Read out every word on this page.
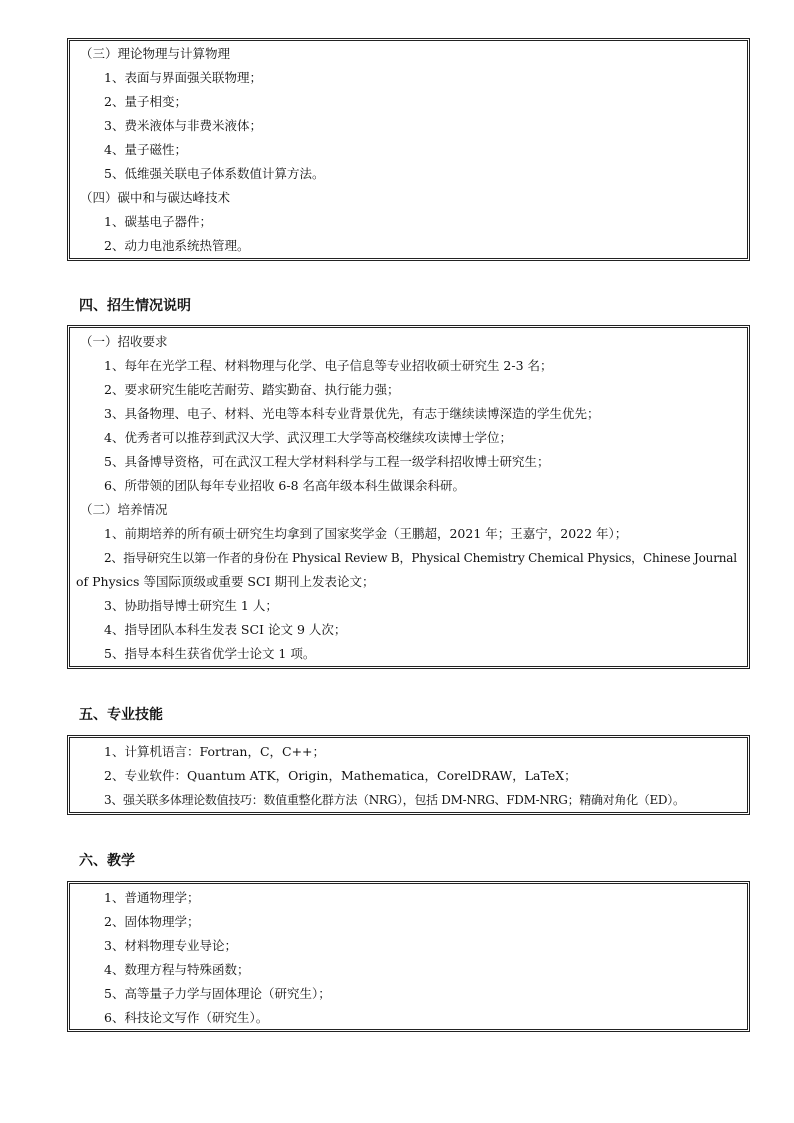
（三）理论物理与计算物理
1、表面与界面强关联物理；
2、量子相变；
3、费米液体与非费米液体；
4、量子磁性；
5、低维强关联电子体系数值计算方法。
（四）碳中和与碳达峰技术
1、碳基电子器件；
2、动力电池系统热管理。
四、招生情况说明
（一）招收要求
1、每年在光学工程、材料物理与化学、电子信息等专业招收硕士研究生 2-3 名；
2、要求研究生能吃苦耐劳、踏实勤奋、执行能力强；
3、具备物理、电子、材料、光电等本科专业背景优先，有志于继续读博深造的学生优先；
4、优秀者可以推荐到武汉大学、武汉理工大学等高校继续攻读博士学位；
5、具备博导资格，可在武汉工程大学材料科学与工程一级学科招收博士研究生；
6、所带领的团队每年专业招收 6-8 名高年级本科生做课余科研。
（二）培养情况
1、前期培养的所有硕士研究生均拿到了国家奖学金（王鹏超，2021 年；王嘉宁，2022 年）；
2、指导研究生以第一作者的身份在 Physical Review B，Physical Chemistry Chemical Physics，Chinese Journal
of Physics 等国际顶级或重要 SCI 期刊上发表论文；
3、协助指导博士研究生 1 人；
4、指导团队本科生发表 SCI 论文 9 人次；
5、指导本科生获省优学士论文 1 项。
五、专业技能
1、计算机语言：Fortran，C，C++；
2、专业软件：Quantum ATK，Origin，Mathematica，CorelDRAW，LaTeX；
3、强关联多体理论数值技巧：数值重整化群方法（NRG），包括 DM-NRG、FDM-NRG；精确对角化（ED）。
六、教学
1、普通物理学；
2、固体物理学；
3、材料物理专业导论；
4、数理方程与特殊函数；
5、高等量子力学与固体理论（研究生）；
6、科技论文写作（研究生）。
